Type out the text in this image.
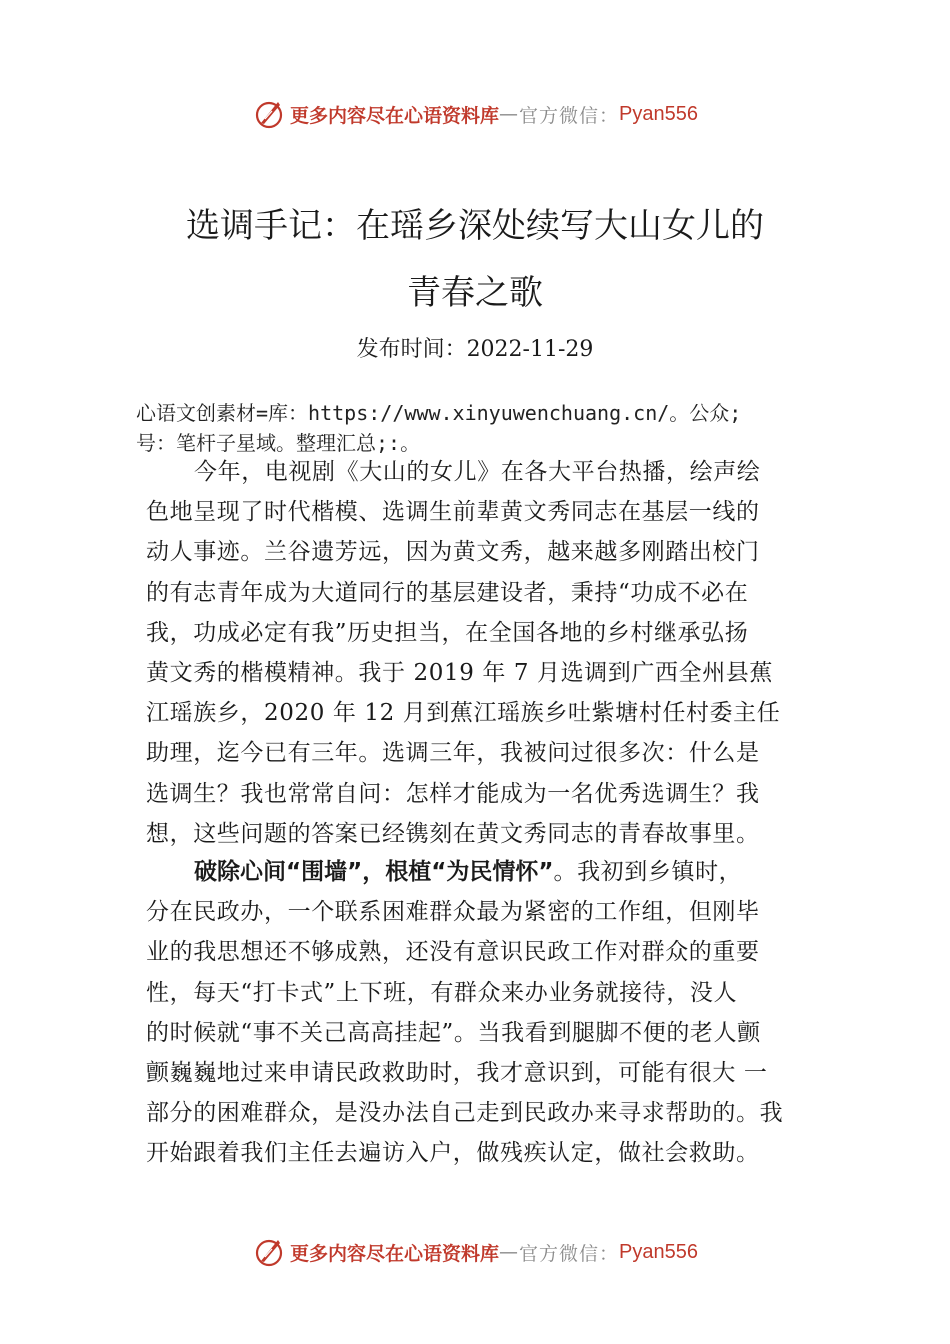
更多内容尽在心语资料库 — 官方微信： Pyan556
选调手记：在瑶乡深处续写大山女儿的
青春之歌
发布时间：2022-11-29
心语文创素材=库：https://www.xinyuwenchuang.cn/。公众;
号：笔杆子星域。整理汇总;:。
今年，电视剧《大山的女儿》在各大平台热播，绘声绘
色地呈现了时代楷模、选调生前辈黄文秀同志在基层一线的
动人事迹。兰谷遗芳远，因为黄文秀，越来越多刚踏出校门
的有志青年成为大道同行的基层建设者，秉持“功成不必在
我，功成必定有我”历史担当，在全国各地的乡村继承弘扬
黄文秀的楷模精神。我于 2019 年 7 月选调到广西全州县蕉
江瑶族乡，2020 年 12 月到蕉江瑶族乡吐紫塘村任村委主任
助理，迄今已有三年。选调三年，我被问过很多次：什么是
选调生？我也常常自问：怎样才能成为一名优秀选调生？我
想，这些问题的答案已经镌刻在黄文秀同志的青春故事里。
破除心间“围墙”，根植“为民情怀”。我初到乡镇时，
分在民政办，一个联系困难群众最为紧密的工作组，但刚毕
业的我思想还不够成熟，还没有意识民政工作对群众的重要
性，每天“打卡式”上下班，有群众来办业务就接待，没人
的时候就“事不关己高高挂起”。当我看到腿脚不便的老人颤
颤巍巍地过来申请民政救助时，我才意识到，可能有很大 一
部分的困难群众，是没办法自己走到民政办来寻求帮助的。我
开始跟着我们主任去遍访入户，做残疾认定，做社会救助。
更多内容尽在心语资料库 — 官方微信： Pyan556
